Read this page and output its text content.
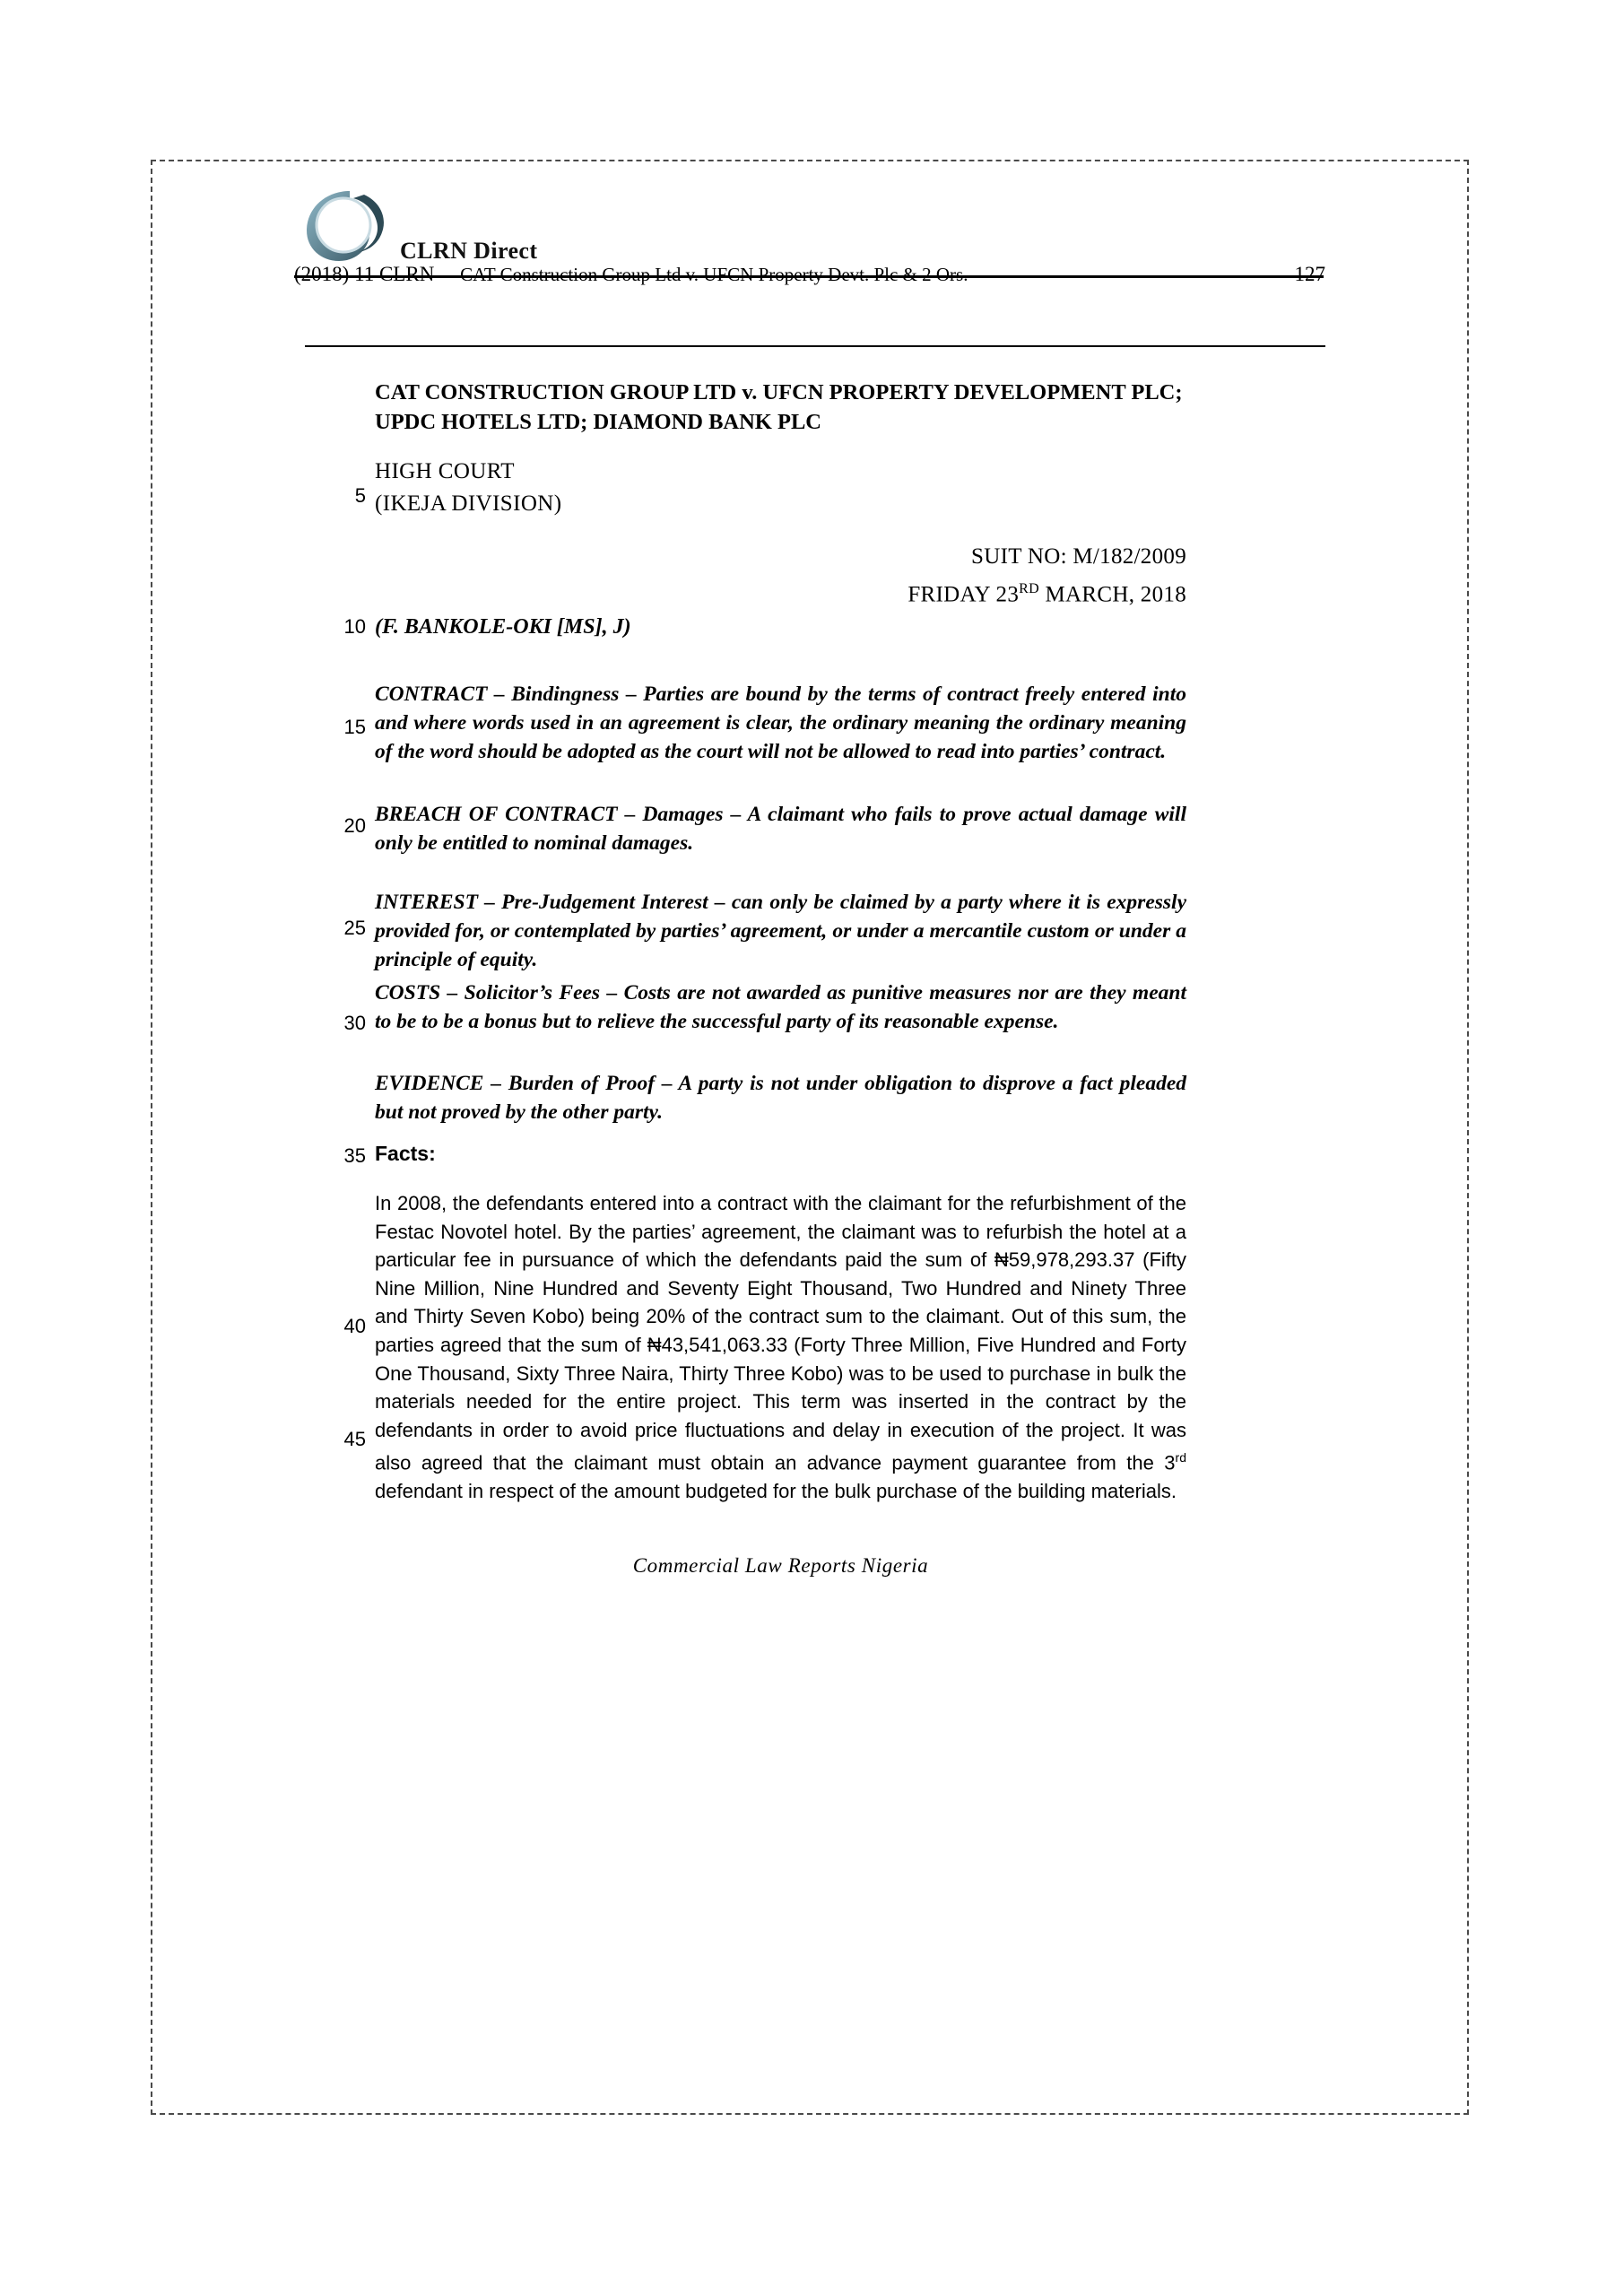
CLRN Direct
(2018) 11 CLRN CAT Construction Group Ltd v. UFCN Property Devt. Plc & 2 Ors.	127
5
10
15
20
25
30
35
40
45
CAT CONSTRUCTION GROUP LTD v. UFCN PROPERTY DEVELOPMENT PLC; UPDC HOTELS LTD; DIAMOND BANK PLC
HIGH COURT
(IKEJA DIVISION)
SUIT NO: M/182/2009
FRIDAY 23RD MARCH, 2018
(F. BANKOLE-OKI [MS], J)
CONTRACT – Bindingness – Parties are bound by the terms of contract freely entered into and where words used in an agreement is clear, the ordinary meaning the ordinary meaning of the word should be adopted as the court will not be allowed to read into parties’ contract.
BREACH OF CONTRACT – Damages – A claimant who fails to prove actual damage will only be entitled to nominal damages.
INTEREST – Pre-Judgement Interest – can only be claimed by a party where it is expressly provided for, or contemplated by parties’ agreement, or under a mercantile custom or under a principle of equity.
COSTS – Solicitor’s Fees – Costs are not awarded as punitive measures nor are they meant to be to be a bonus but to relieve the successful party of its reasonable expense.
EVIDENCE – Burden of Proof – A party is not under obligation to disprove a fact pleaded but not proved by the other party.
Facts:
In 2008, the defendants entered into a contract with the claimant for the refurbishment of the Festac Novotel hotel. By the parties’ agreement, the claimant was to refurbish the hotel at a particular fee in pursuance of which the defendants paid the sum of ₦59,978,293.37 (Fifty Nine Million, Nine Hundred and Seventy Eight Thousand, Two Hundred and Ninety Three and Thirty Seven Kobo) being 20% of the contract sum to the claimant. Out of this sum, the parties agreed that the sum of ₦43,541,063.33 (Forty Three Million, Five Hundred and Forty One Thousand, Sixty Three Naira, Thirty Three Kobo) was to be used to purchase in bulk the materials needed for the entire project. This term was inserted in the contract by the defendants in order to avoid price fluctuations and delay in execution of the project. It was also agreed that the claimant must obtain an advance payment guarantee from the 3rd defendant in respect of the amount budgeted for the bulk purchase of the building materials.
Commercial Law Reports Nigeria
